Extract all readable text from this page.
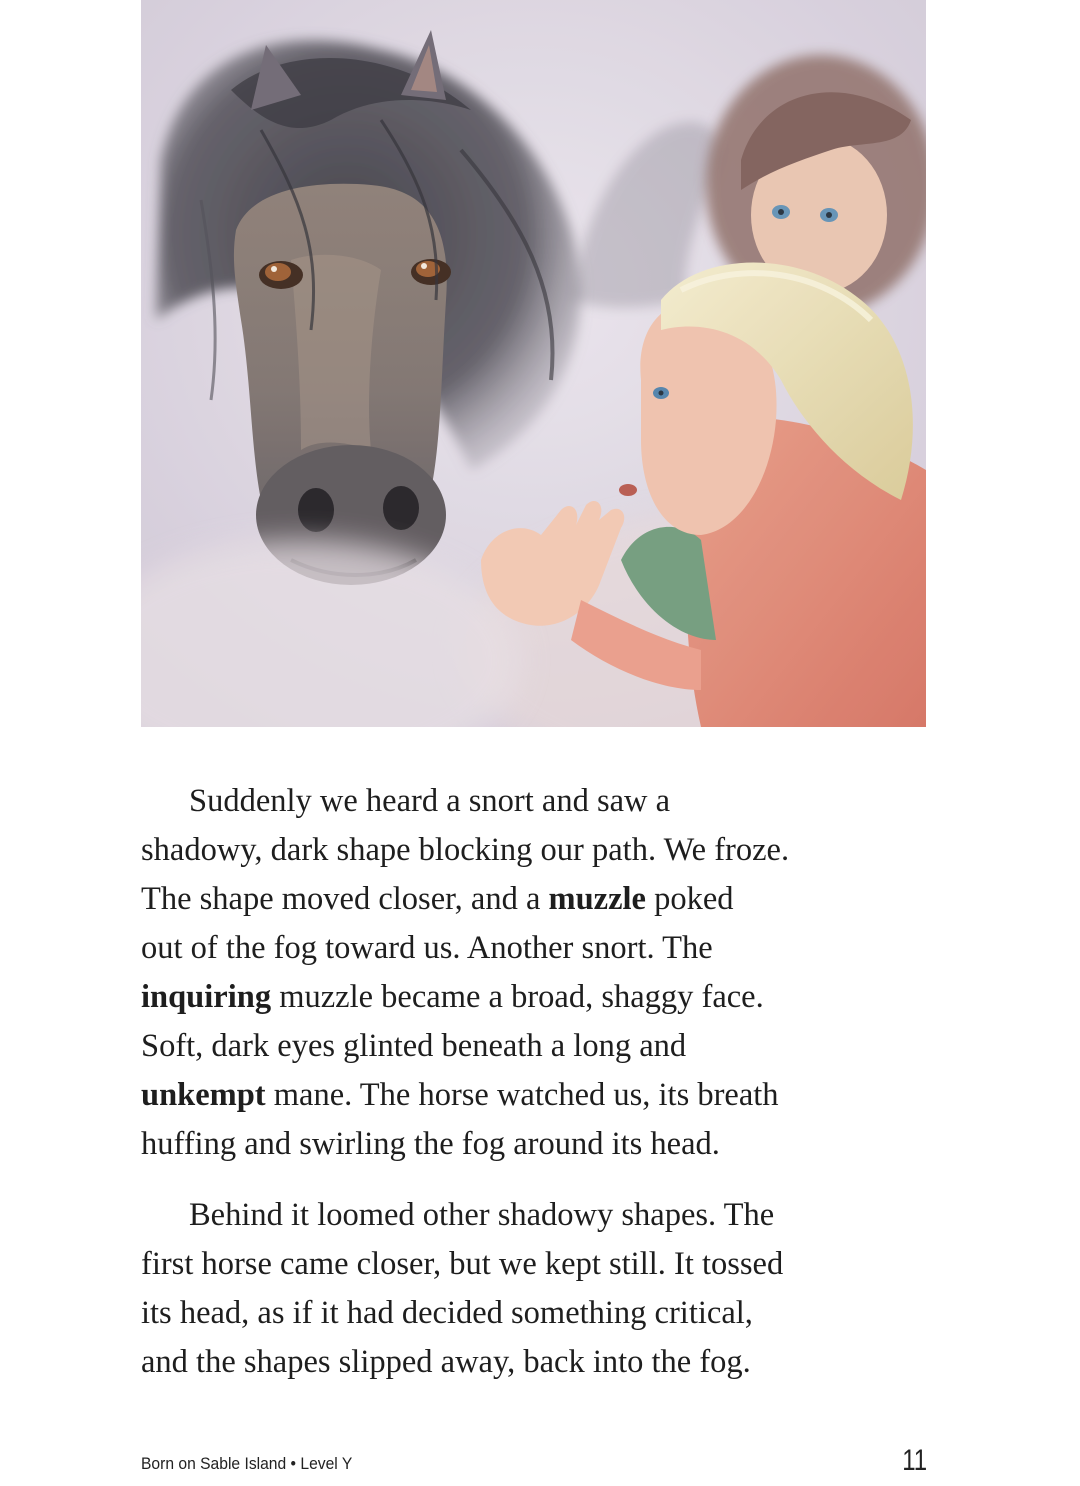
Suddenly we heard a snort and saw a
shadowy, dark shape blocking our path. We froze.
The shape moved closer, and a muzzle poked
out of the fog toward us. Another snort. The
inquiring muzzle became a broad, shaggy face.
Soft, dark eyes glinted beneath a long and
unkempt mane. The horse watched us, its breath
huffing and swirling the fog around its head.

Behind it loomed other shadowy shapes. The
first horse came closer, but we kept still. It tossed
its head, as if it had decided something critical,
and the shapes slipped away, back into the fog.

Born on Sable Island • Level Y	11
